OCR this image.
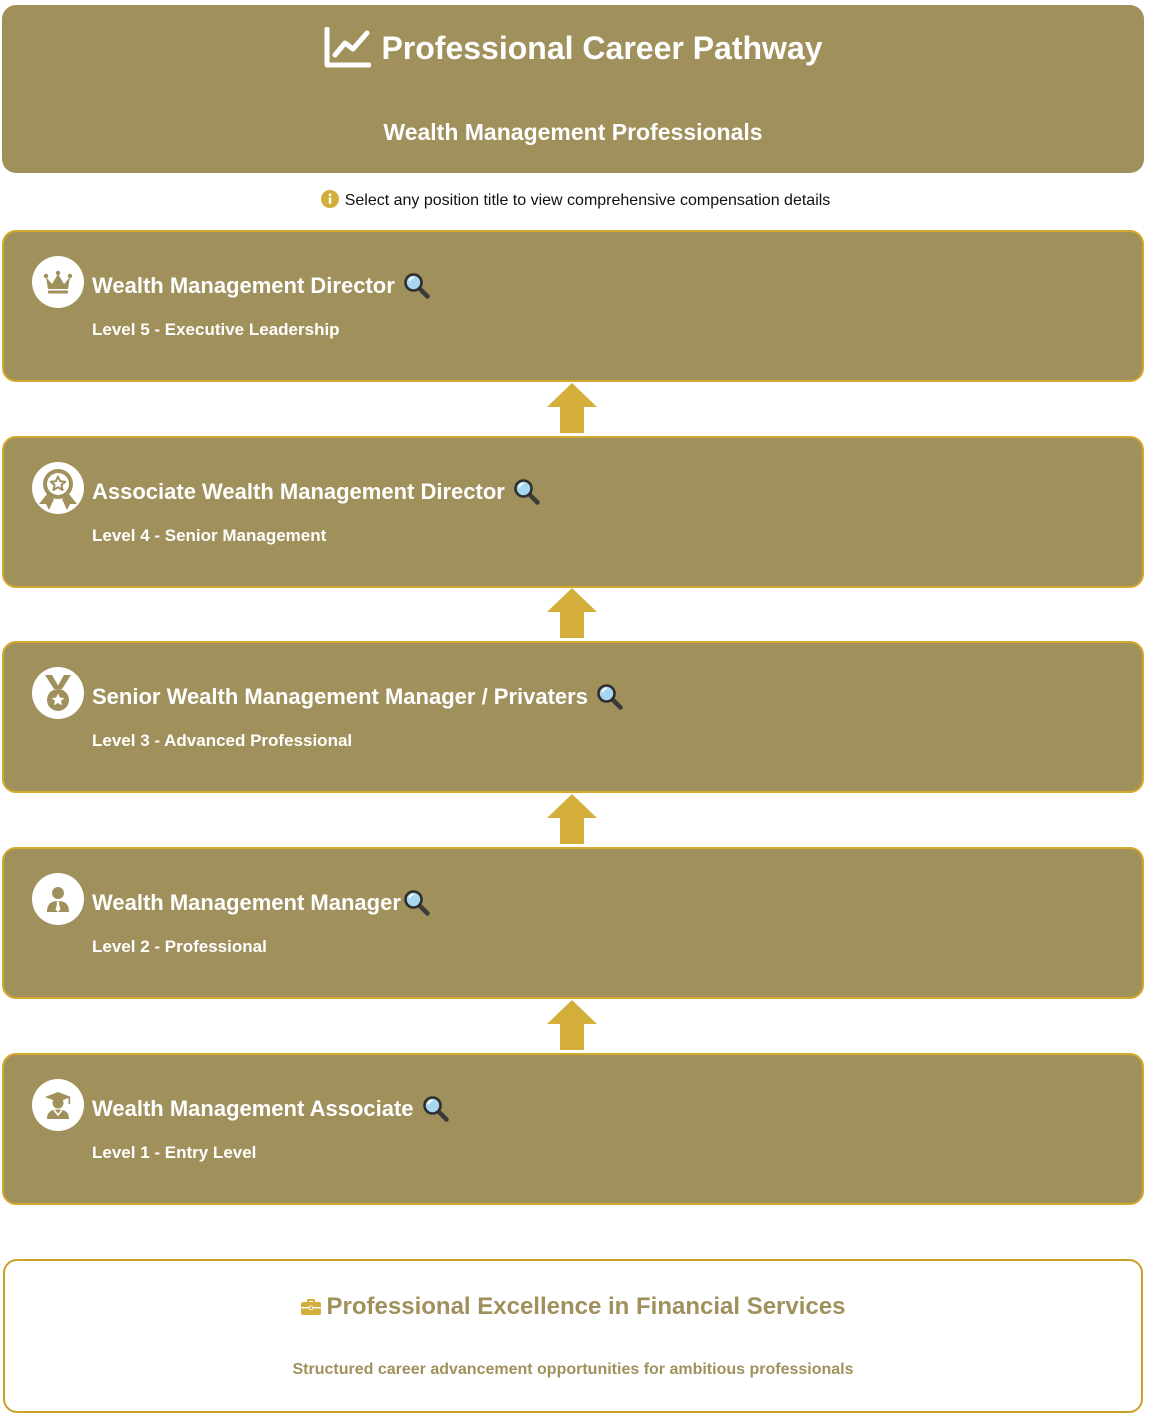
Professional Career Pathway
Wealth Management Professionals
Select any position title to view comprehensive compensation details
Wealth Management Director
Level 5 - Executive Leadership
Associate Wealth Management Director
Level 4 - Senior Management
Senior Wealth Management Manager / Privaters
Level 3 - Advanced Professional
Wealth Management Manager
Level 2 - Professional
Wealth Management Associate
Level 1 - Entry Level
Professional Excellence in Financial Services
Structured career advancement opportunities for ambitious professionals
